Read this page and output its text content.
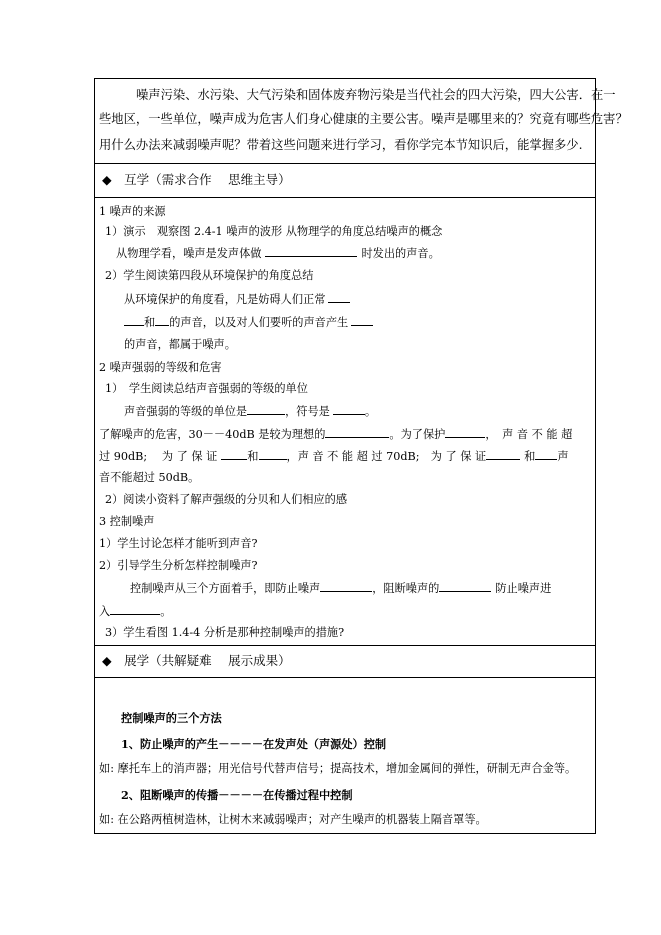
噪声污染、水污染、大气污染和固体废弃物污染是当代社会的四大污染，四大公害．在一
些地区，一些单位，噪声成为危害人们身心健康的主要公害。噪声是哪里来的？究竟有哪些危害？
用什么办法来减弱噪声呢？带着这些问题来进行学习，看你学完本节知识后，能掌握多少.
◆　互学（需求合作　 思维主导）
1 噪声的来源
1）演示　观察图 2.4-1 噪声的波形 从物理学的角度总结噪声的概念
从物理学看，噪声是发声体做	时发出的声音。
2）学生阅读第四段从环境保护的角度总结
从环境保护的角度看，凡是妨碍人们正常
和 的声音，以及对人们要听的声音产生
的声音，都属于噪声。
2 噪声强弱的等级和危害
1）　学生阅读总结声音强弱的等级的单位
声音强弱的等级的单位是	，符号是	。
了解噪声的危害，30－－40dB 是较为理想的	。为了保护	，　声 音 不 能 超
过 90dB;　 为 了 保 证	和	，声 音 不 能 超 过 70dB;　为 了 保 证	和 声
音不能超过 50dB。
2）阅读小资料了解声强级的分贝和人们相应的感
3 控制噪声
1）学生讨论怎样才能听到声音?
2）引导学生分析怎样控制噪声?
控制噪声从三个方面着手，即防止噪声	，阻断噪声的	防止噪声进
入	。
3）学生看图 1.4-4 分析是那种控制噪声的措施?
◆　展学（共解疑难　 展示成果）
控制噪声的三个方法
1、防止噪声的产生－－－－在发声处（声源处）控制
如: 摩托车上的消声器；用光信号代替声信号；提高技术，增加金属间的弹性，研制无声合金等。
2、阻断噪声的传播－－－－在传播过程中控制
如: 在公路两植树造林，让树木来减弱噪声；对产生噪声的机器装上隔音罩等。
